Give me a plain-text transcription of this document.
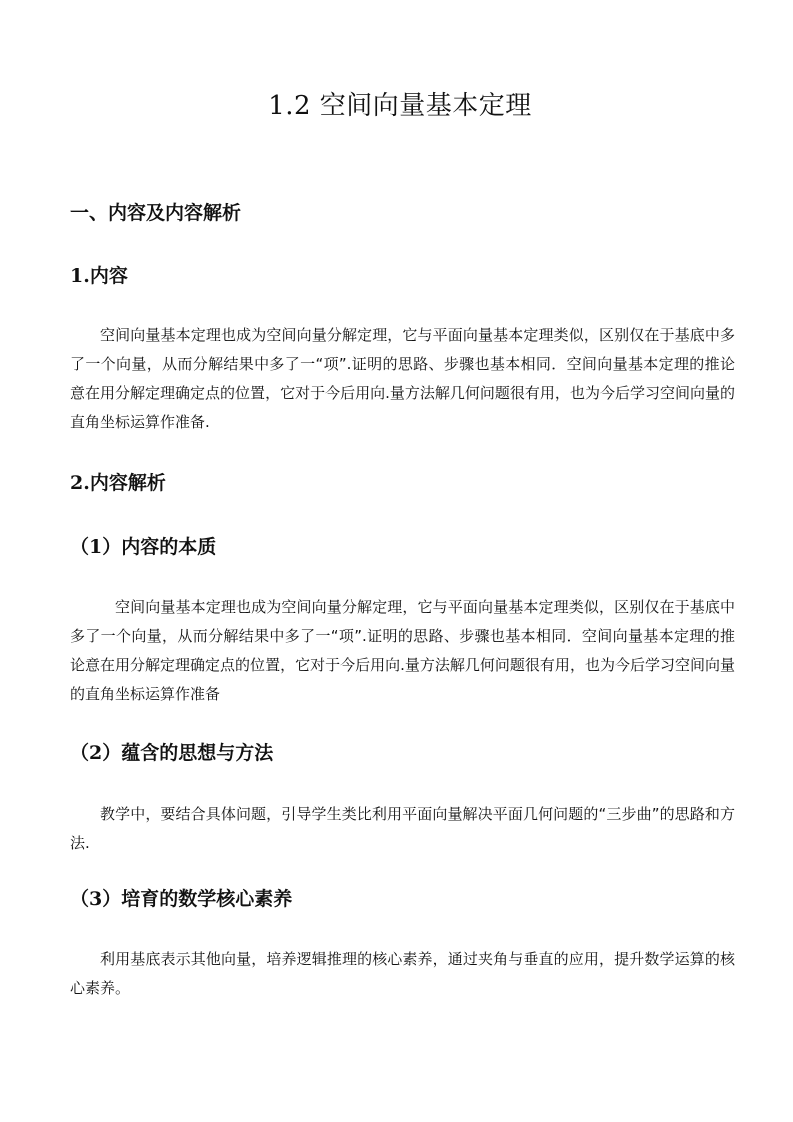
1.2 空间向量基本定理
一、内容及内容解析
1.内容

空间向量基本定理也成为空间向量分解定理，它与平面向量基本定理类似，区别仅在于基底中多了一个向量，从而分解结果中多了一“项”.证明的思路、步骤也基本相同．空间向量基本定理的推论意在用分解定理确定点的位置，它对于今后用向.量方法解几何问题很有用，也为今后学习空间向量的直角坐标运算作准备.

2.内容解析
（1）内容的本质

空间向量基本定理也成为空间向量分解定理，它与平面向量基本定理类似，区别仅在于基底中多了一个向量，从而分解结果中多了一“项”.证明的思路、步骤也基本相同．空间向量基本定理的推论意在用分解定理确定点的位置，它对于今后用向.量方法解几何问题很有用，也为今后学习空间向量的直角坐标运算作准备

（2）蕴含的思想与方法

教学中，要结合具体问题，引导学生类比利用平面向量解决平面几何问题的“三步曲”的思路和方法.

（3）培育的数学核心素养

利用基底表示其他向量，培养逻辑推理的核心素养，通过夹角与垂直的应用，提升数学运算的核心素养。
